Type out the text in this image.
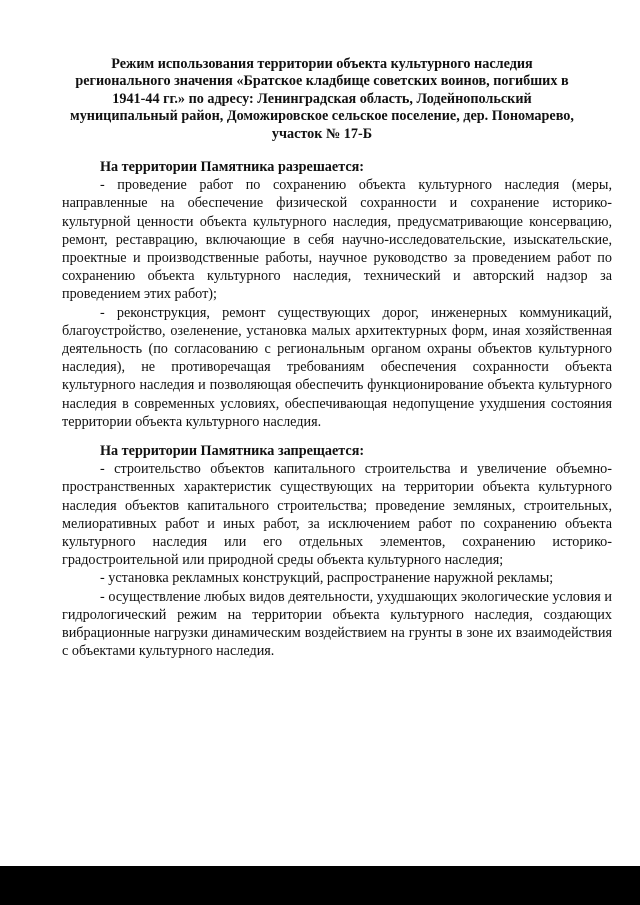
Режим использования территории объекта культурного наследия
регионального значения «Братское кладбище советских воинов, погибших в
1941-44 гг.» по адресу: Ленинградская область, Лодейнопольский
муниципальный район, Доможировское сельское поселение, дер. Пономарево,
участок № 17-Б
На территории Памятника разрешается:

- проведение работ по сохранению объекта культурного наследия (меры, направленные на обеспечение физической сохранности и сохранение историко-культурной ценности объекта культурного наследия, предусматривающие консервацию, ремонт, реставрацию, включающие в себя научно-исследовательские, изыскательские, проектные и производственные работы, научное руководство за проведением работ по сохранению объекта культурного наследия, технический и авторский надзор за проведением этих работ);

- реконструкция, ремонт существующих дорог, инженерных коммуникаций, благоустройство, озеленение, установка малых архитектурных форм, иная хозяйственная деятельность (по согласованию с региональным органом охраны объектов культурного наследия), не противоречащая требованиям обеспечения сохранности объекта культурного наследия и позволяющая обеспечить функционирование объекта культурного наследия в современных условиях, обеспечивающая недопущение ухудшения состояния территории объекта культурного наследия.

На территории Памятника запрещается:

- строительство объектов капитального строительства и увеличение объемно-пространственных характеристик существующих на территории объекта культурного наследия объектов капитального строительства; проведение земляных, строительных, мелиоративных работ и иных работ, за исключением работ по сохранению объекта культурного наследия или его отдельных элементов, сохранению историко-градостроительной или природной среды объекта культурного наследия;

- установка рекламных конструкций, распространение наружной рекламы;

- осуществление любых видов деятельности, ухудшающих экологические условия и гидрологический режим на территории объекта культурного наследия, создающих вибрационные нагрузки динамическим воздействием на грунты в зоне их взаимодействия с объектами культурного наследия.
